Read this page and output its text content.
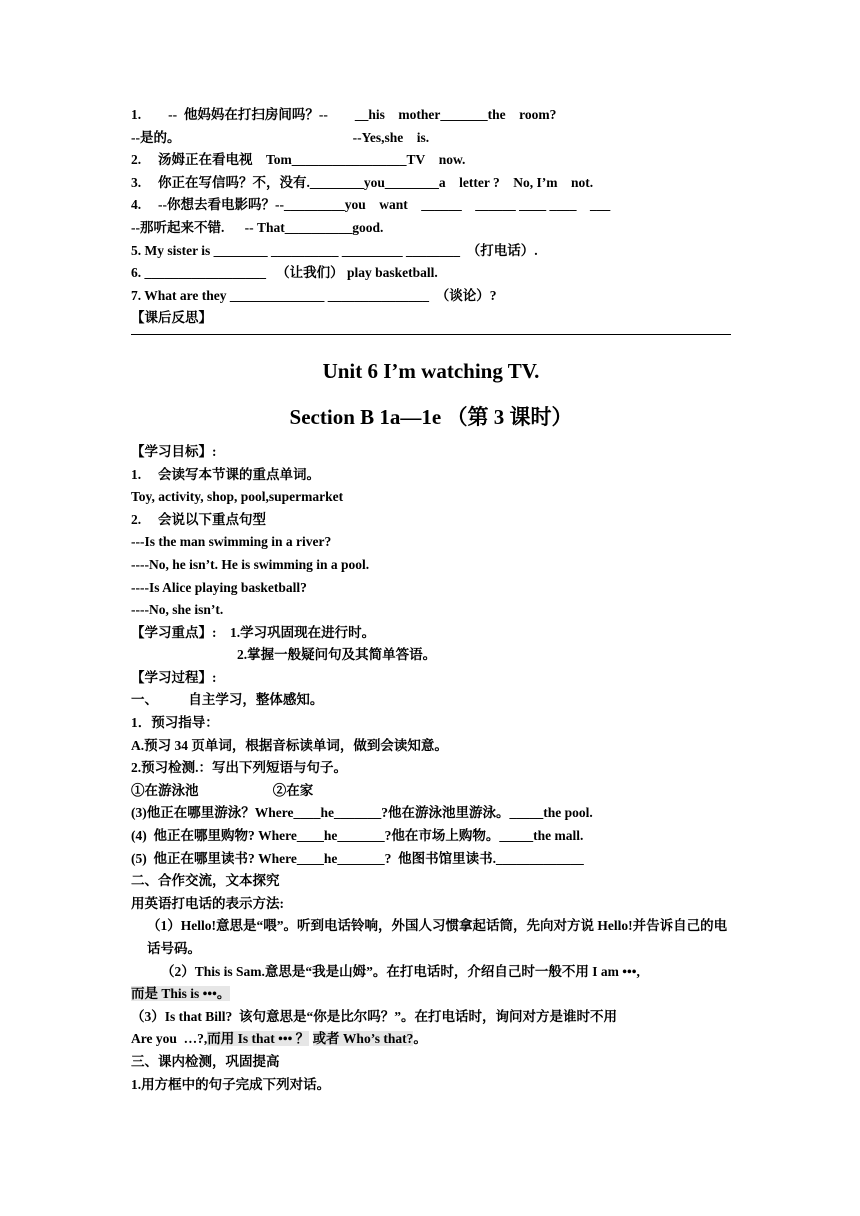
1.        --  他妈妈在打扫房间吗？--        __his    mother_______the    room?
--是的。                                                   --Yes,she    is.
2.     汤姆正在看电视    Tom_________________TV    now.
3.     你正在写信吗？不，没有.________you________a    letter ?    No, I’m    not.
4.     --你想去看电影吗？--_________you    want    ______    ______ ____ ____    ___
--那听起来不错.      -- That__________good.
5. My sister is ________ __________ _________ ________  （打电话）.
6. __________________   （让我们） play basketball.
7. What are they ______________ _______________  （谈论）?
【课后反思】
Unit 6 I’m watching TV.
Section B 1a—1e （第 3 课时）
【学习目标】:
1.     会读写本节课的重点单词。
Toy, activity, shop, pool,supermarket
2.     会说以下重点句型
---Is the man swimming in a river?
----No, he isn’t. He is swimming in a pool.
----Is Alice playing basketball?
----No, she isn’t.
【学习重点】:    1.学习巩固现在进行时。
2.掌握一般疑问句及其简单答语。
【学习过程】:
一、         自主学习，整体感知。
1．预习指导：
A.预习 34 页单词，根据音标读单词，做到会读知意。
2.预习检测.：写出下列短语与句子。
①在游泳池                      ②在家
(3)他正在哪里游泳？Where____he_______?他在游泳池里游泳。_____the pool.
(4)  他正在哪里购物? Where____he_______?他在市场上购物。_____the mall.
(5)  他正在哪里读书? Where____he_______?  他图书馆里读书._____________
二、合作交流，文本探究
用英语打电话的表示方法:
（1）Hello!意思是“喂”。听到电话铃响，外国人习惯拿起话筒，先向对方说 Hello!并告诉自己的电话号码。
（2）This is Sam.意思是“我是山姆”。在打电话时，介绍自己时一般不用 I am •••,
而是 This is •••。
（3）Is that Bill?  该句意思是“你是比尔吗？”。在打电话时，询问对方是谁时不用
Are you  …?,而用 Is that ••• ？ 或者 Who’s that?。
三、课内检测，巩固提高
1.用方框中的句子完成下列对话。
